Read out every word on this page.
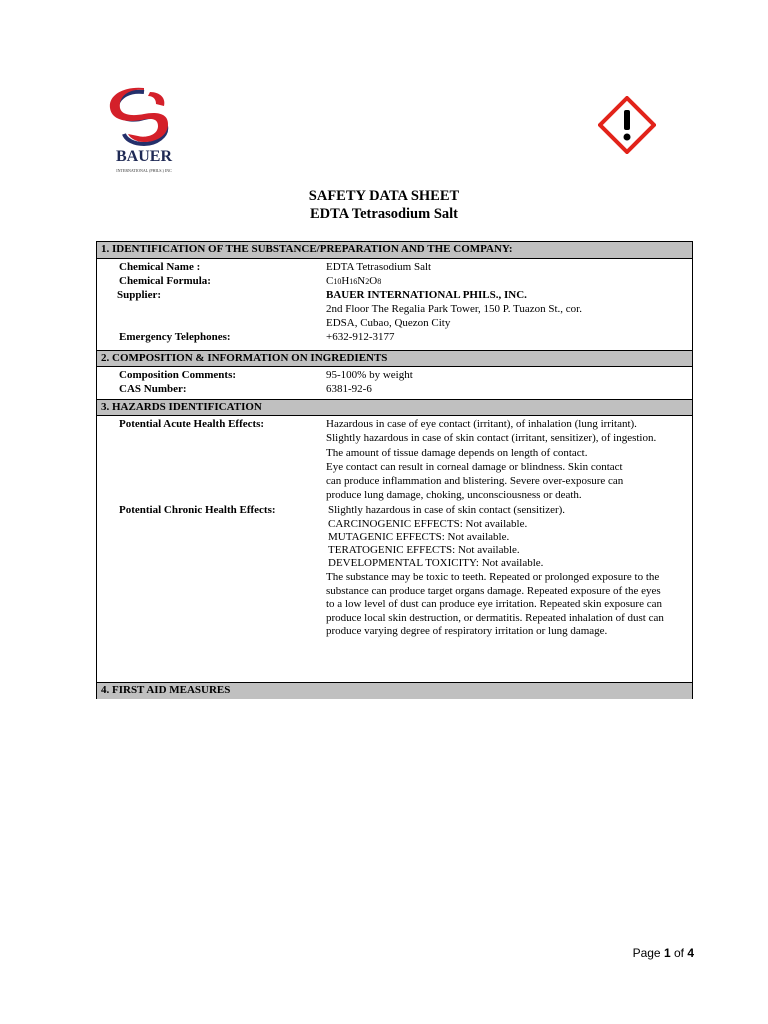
BAUER
INTERNATIONAL (PHILS.) INC
SAFETY DATA SHEET
EDTA Tetrasodium Salt
1. IDENTIFICATION OF THE SUBSTANCE/PREPARATION AND THE COMPANY:
Chemical Name :	EDTA Tetrasodium Salt
Chemical Formula:	C10H16N2O8
Supplier:	BAUER INTERNATIONAL PHILS., INC.
2nd Floor The Regalia Park Tower, 150 P. Tuazon St., cor.
EDSA, Cubao, Quezon City
Emergency Telephones:	+632-912-3177
2. COMPOSITION & INFORMATION ON INGREDIENTS
Composition Comments:	95-100% by weight
CAS Number:	6381-92-6
3. HAZARDS IDENTIFICATION
Potential Acute Health Effects:	Hazardous in case of eye contact (irritant), of inhalation (lung irritant).
Slightly hazardous in case of skin contact (irritant, sensitizer), of ingestion.
The amount of tissue damage depends on length of contact.
Eye contact can result in corneal damage or blindness. Skin contact
can produce inflammation and blistering. Severe over-exposure can
produce lung damage, choking, unconsciousness or death.
Potential Chronic Health Effects:	Slightly hazardous in case of skin contact (sensitizer).
CARCINOGENIC EFFECTS: Not available.
MUTAGENIC EFFECTS: Not available.
TERATOGENIC EFFECTS: Not available.
DEVELOPMENTAL TOXICITY: Not available.
The substance may be toxic to teeth. Repeated or prolonged exposure to the substance can produce target organs damage. Repeated exposure of the eyes to a low level of dust can produce eye irritation. Repeated skin exposure can produce local skin destruction, or dermatitis. Repeated inhalation of dust can produce varying degree of respiratory irritation or lung damage.
4. FIRST AID MEASURES
Page 1 of 4
